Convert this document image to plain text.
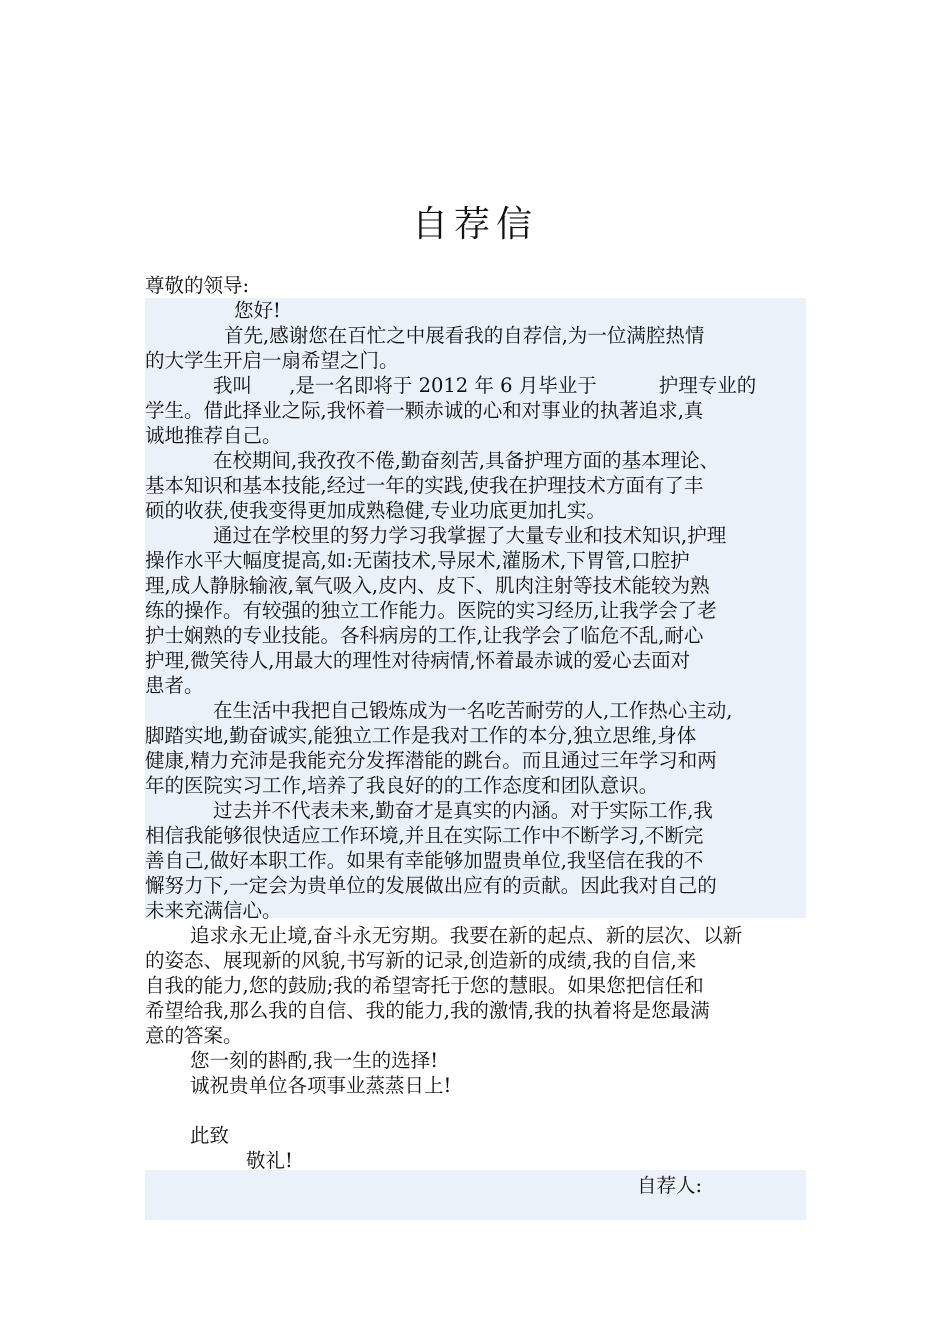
自荐信
尊敬的领导:
您好!
首先,感谢您在百忙之中展看我的自荐信,为一位满腔热情
的大学生开启一扇希望之门。
我叫      ,是一名即将于 2012 年 6 月毕业于          护理专业的
学生。借此择业之际,我怀着一颗赤诚的心和对事业的执著追求,真
诚地推荐自己。
在校期间,我孜孜不倦,勤奋刻苦,具备护理方面的基本理论、
基本知识和基本技能,经过一年的实践,使我在护理技术方面有了丰
硕的收获,使我变得更加成熟稳健,专业功底更加扎实。
通过在学校里的努力学习我掌握了大量专业和技术知识,护理
操作水平大幅度提高,如:无菌技术,导尿术,灌肠术,下胃管,口腔护
理,成人静脉输液,氧气吸入,皮内、皮下、肌肉注射等技术能较为熟
练的操作。有较强的独立工作能力。医院的实习经历,让我学会了老
护士娴熟的专业技能。各科病房的工作,让我学会了临危不乱,耐心
护理,微笑待人,用最大的理性对待病情,怀着最赤诚的爱心去面对
患者。
在生活中我把自己锻炼成为一名吃苦耐劳的人,工作热心主动,
脚踏实地,勤奋诚实,能独立工作是我对工作的本分,独立思维,身体
健康,精力充沛是我能充分发挥潜能的跳台。而且通过三年学习和两
年的医院实习工作,培养了我良好的的工作态度和团队意识。
过去并不代表未来,勤奋才是真实的内涵。对于实际工作,我
相信我能够很快适应工作环境,并且在实际工作中不断学习,不断完
善自己,做好本职工作。如果有幸能够加盟贵单位,我坚信在我的不
懈努力下,一定会为贵单位的发展做出应有的贡献。因此我对自己的
未来充满信心。
追求永无止境,奋斗永无穷期。我要在新的起点、新的层次、以新
的姿态、展现新的风貌,书写新的记录,创造新的成绩,我的自信,来
自我的能力,您的鼓励;我的希望寄托于您的慧眼。如果您把信任和
希望给我,那么我的自信、我的能力,我的激情,我的执着将是您最满
意的答案。
您一刻的斟酌,我一生的选择!
诚祝贵单位各项事业蒸蒸日上!
此致
敬礼!
自荐人:
